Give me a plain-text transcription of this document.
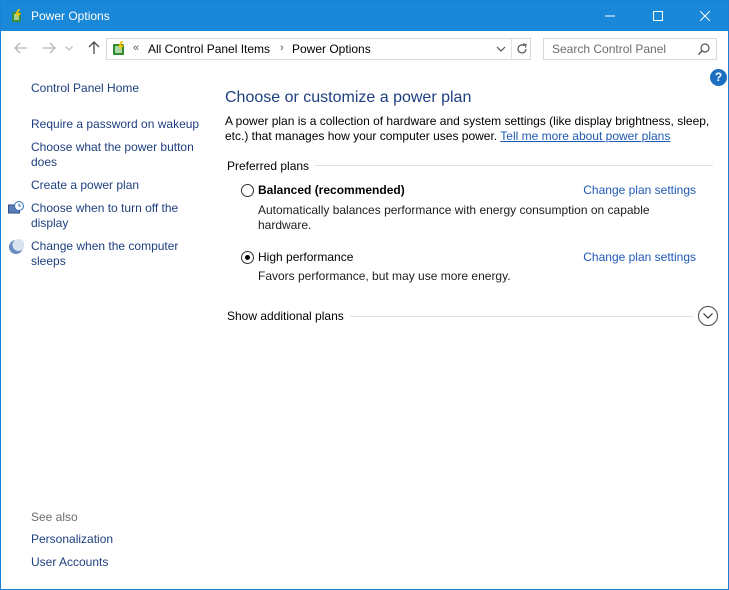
Power Options
« All Control Panel Items › Power Options
Search Control Panel
?
Control Panel Home
Require a password on wakeup
Choose what the power button does
Create a power plan
Choose when to turn off the display
Change when the computer sleeps
See also
Personalization
User Accounts
Choose or customize a power plan
A power plan is a collection of hardware and system settings (like display brightness, sleep, etc.) that manages how your computer uses power. Tell me more about power plans
Preferred plans
Balanced (recommended)	Change plan settings
Automatically balances performance with energy consumption on capable hardware.
High performance	Change plan settings
Favors performance, but may use more energy.
Show additional plans
